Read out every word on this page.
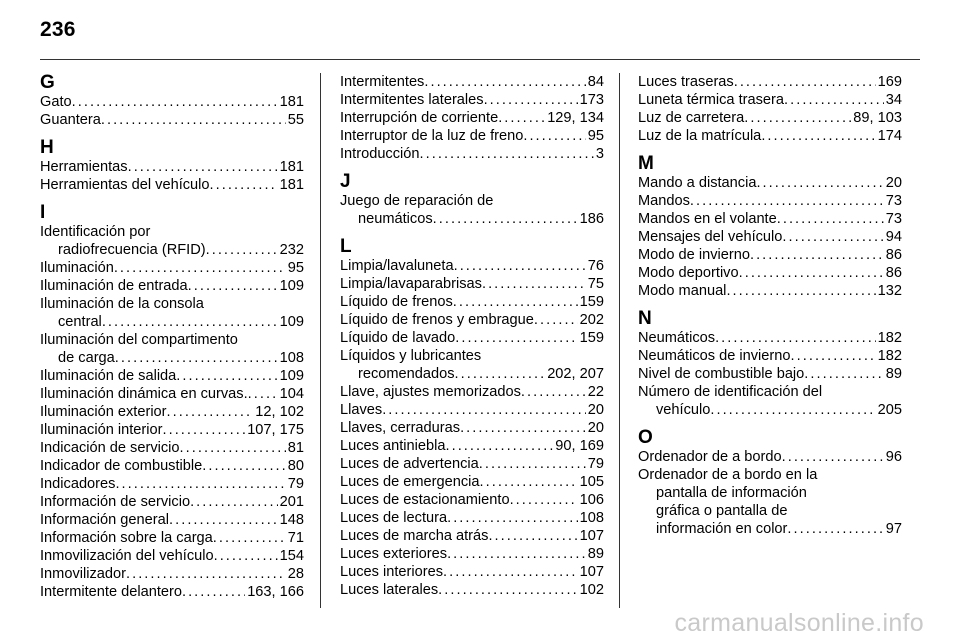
236
G
Gato . . .	181
Guantera . . .	55
H
Herramientas . . .	181
Herramientas del vehículo . . .	181
I
Identificación por
radiofrecuencia (RFID) . . .	232
Iluminación . . .	95
Iluminación de entrada . . .	109
Iluminación de la consola
central . . .	109
Iluminación del compartimento
de carga . . .	108
Iluminación de salida . . .	109
Iluminación dinámica en curvas. . . . 104
Iluminación exterior . . .	12, 102
Iluminación interior . . .	107, 175
Indicación de servicio . . .	81
Indicador de combustible . . .	80
Indicadores . . .	79
Información de servicio . . .	201
Información general . . .	148
Información sobre la carga . . .	71
Inmovilización del vehículo . . .	154
Inmovilizador . . .	28
Intermitente delantero . . .	163, 166
Intermitentes . . .	84
Intermitentes laterales . . .	173
Interrupción de corriente . . .	129, 134
Interruptor de la luz de freno . . .	95
Introducción . . .	3
J
Juego de reparación de
neumáticos . . .	186
L
Limpia/lavaluneta . . .	76
Limpia/lavaparabrisas . . .	75
Líquido de frenos . . .	159
Líquido de frenos y embrague . . .	202
Líquido de lavado . . .	159
Líquidos y lubricantes
recomendados . . .	202, 207
Llave, ajustes memorizados . . .	22
Llaves . . .	20
Llaves, cerraduras . . .	20
Luces antiniebla . . .	90, 169
Luces de advertencia . . .	79
Luces de emergencia . . .	105
Luces de estacionamiento . . .	106
Luces de lectura . . .	108
Luces de marcha atrás . . .	107
Luces exteriores . . .	89
Luces interiores . . .	107
Luces laterales . . .	102
Luces traseras . . .	169
Luneta térmica trasera . . .	34
Luz de carretera . . .	89, 103
Luz de la matrícula . . .	174
M
Mando a distancia . . .	20
Mandos . . .	73
Mandos en el volante . . .	73
Mensajes del vehículo . . .	94
Modo de invierno . . .	86
Modo deportivo . . .	86
Modo manual . . .	132
N
Neumáticos . . .	182
Neumáticos de invierno . . .	182
Nivel de combustible bajo . . .	89
Número de identificación del
vehículo . . .	205
O
Ordenador de a bordo . . .	96
Ordenador de a bordo en la
pantalla de información
gráfica o pantalla de
información en color . . .	97
carmanualsonline.info
